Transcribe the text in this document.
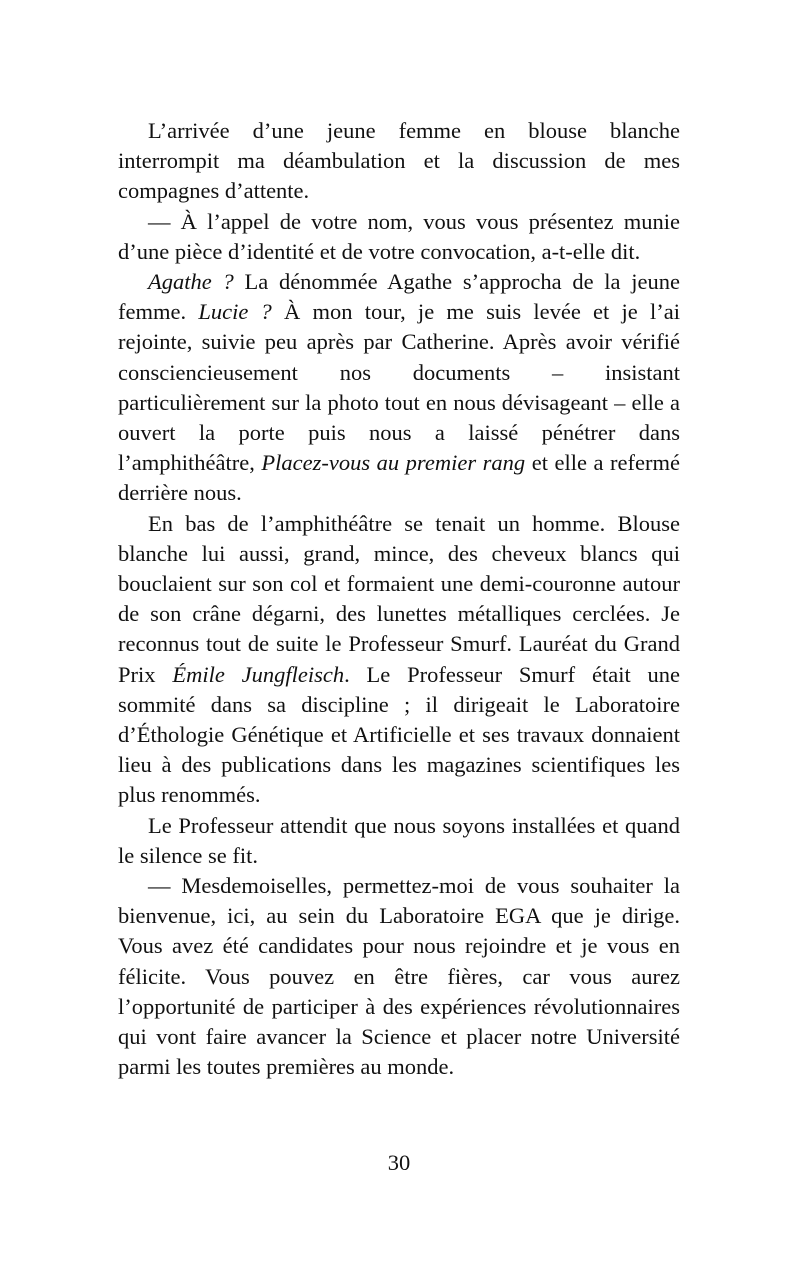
L’arrivée d’une jeune femme en blouse blanche interrompit ma déambulation et la discussion de mes compagnes d’attente.

— À l’appel de votre nom, vous vous présentez munie d’une pièce d’identité et de votre convocation, a-t-elle dit.

Agathe ? La dénommée Agathe s’approcha de la jeune femme. Lucie ? À mon tour, je me suis levée et je l’ai rejointe, suivie peu après par Catherine. Après avoir vérifié consciencieusement nos documents – insistant particulièrement sur la photo tout en nous dévisageant – elle a ouvert la porte puis nous a laissé pénétrer dans l’amphithéâtre, Placez-vous au premier rang et elle a refermé derrière nous.

En bas de l’amphithéâtre se tenait un homme. Blouse blanche lui aussi, grand, mince, des cheveux blancs qui bouclaient sur son col et formaient une demi-couronne autour de son crâne dégarni, des lunettes métalliques cerclées. Je reconnus tout de suite le Professeur Smurf. Lauréat du Grand Prix Émile Jungfleisch. Le Professeur Smurf était une sommité dans sa discipline ; il dirigeait le Laboratoire d’Éthologie Génétique et Artificielle et ses travaux donnaient lieu à des publications dans les magazines scientifiques les plus renommés.

Le Professeur attendit que nous soyons installées et quand le silence se fit.

— Mesdemoiselles, permettez-moi de vous souhaiter la bienvenue, ici, au sein du Laboratoire EGA que je dirige. Vous avez été candidates pour nous rejoindre et je vous en félicite. Vous pouvez en être fières, car vous aurez l’opportunité de participer à des expériences révolutionnaires qui vont faire avancer la Science et placer notre Université parmi les toutes premières au monde.

30
